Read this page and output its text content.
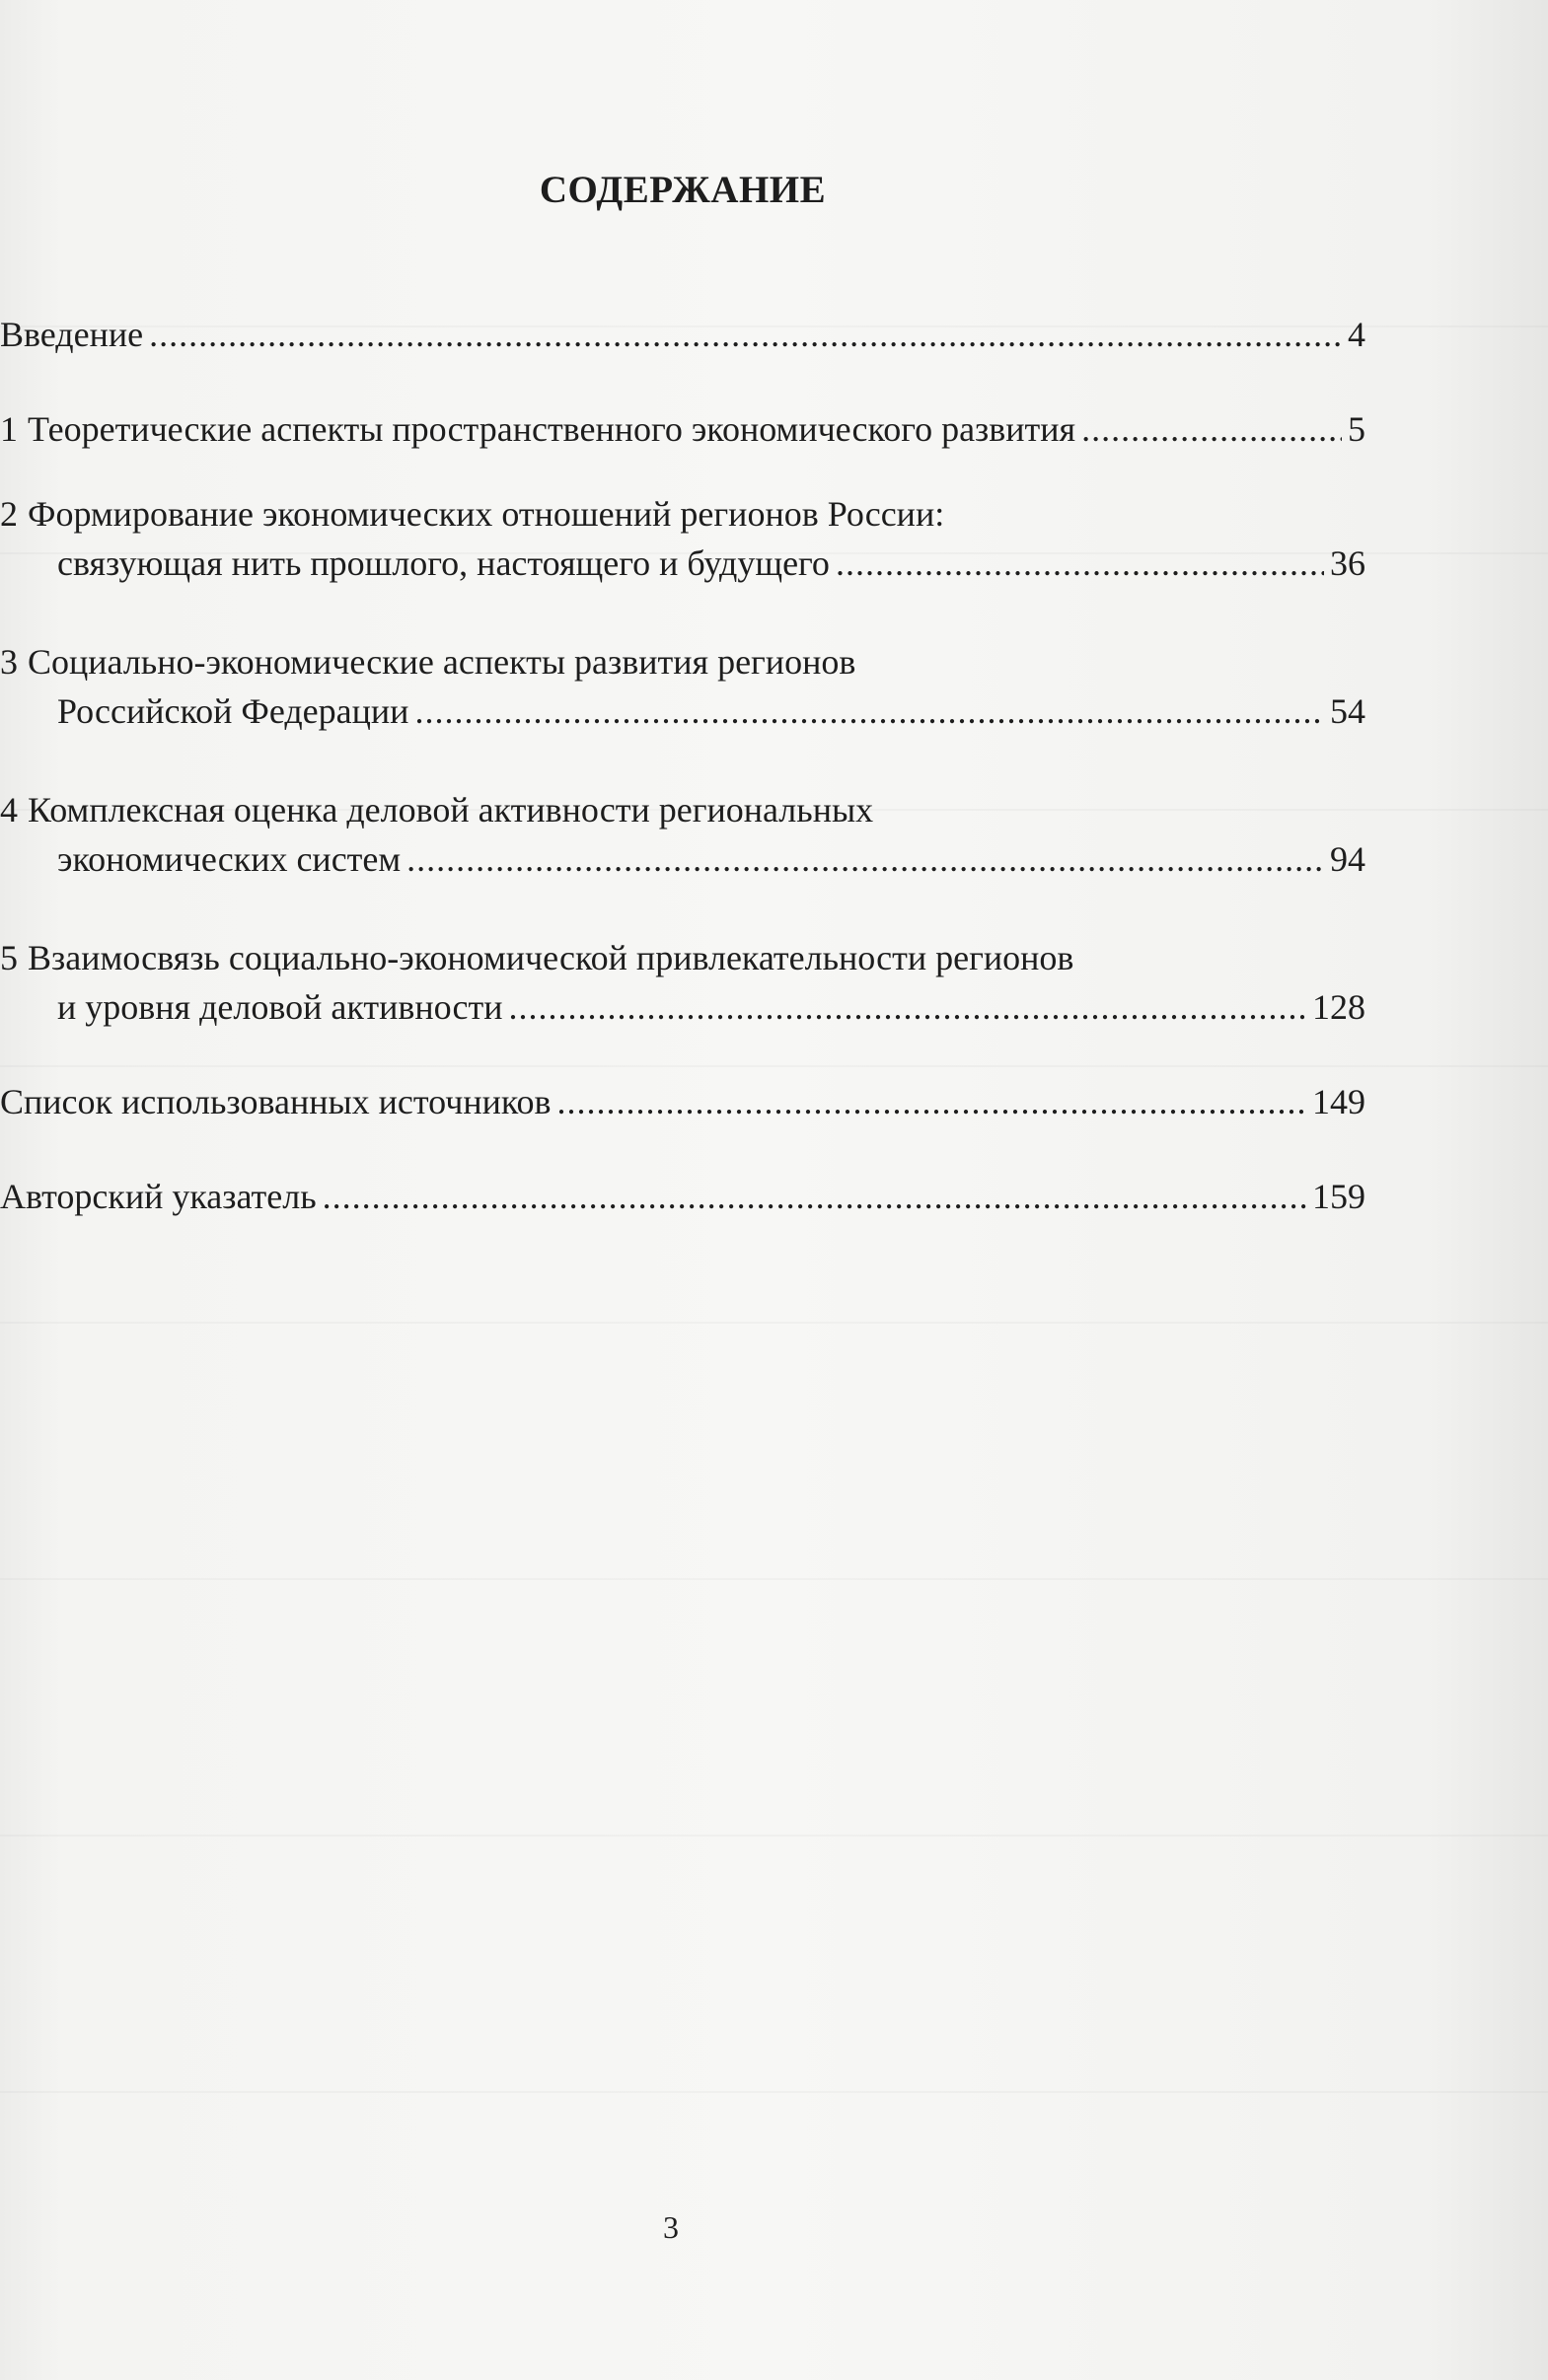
СОДЕРЖАНИЕ
Введение .....	4
1 Теоретические аспекты пространственного экономического развития .....	5
2 Формирование экономических отношений регионов России:
связующая нить прошлого, настоящего и будущего .....	36
3 Социально-экономические аспекты развития регионов
Российской Федерации .....	54
4 Комплексная оценка деловой активности региональных
экономических систем .....	94
5 Взаимосвязь социально-экономической привлекательности регионов
и уровня деловой активности .....	128
Список использованных источников .....	149
Авторский указатель .....	159
3
